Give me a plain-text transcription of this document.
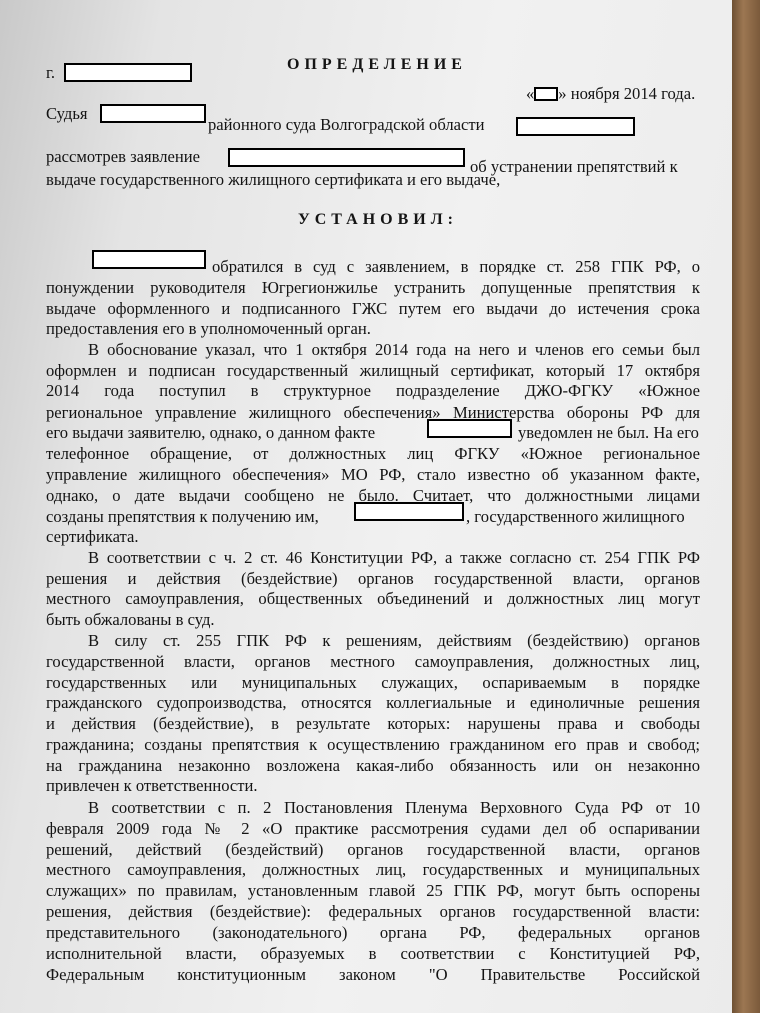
ОПРЕДЕЛЕНИЕ
г.
« » ноября 2014 года.
Судья
районного суда Волгоградской области
рассмотрев заявление
об устранении препятствий к
выдаче государственного жилищного сертификата и его выдаче,
УСТАНОВИЛ:
обратился в суд с заявлением, в порядке ст. 258 ГПК РФ, о
понуждении руководителя Югрегионжилье устранить допущенные препятствия к
выдаче оформленного и подписанного ГЖС путем его выдачи до истечения срока
предоставления его в уполномоченный орган.
В обоснование указал, что 1 октября 2014 года на него и членов его семьи был
оформлен и подписан государственный жилищный сертификат, который 17 октября
2014 года поступил в структурное подразделение ДЖО-ФГКУ «Южное
региональное управление жилищного обеспечения» Министерства обороны РФ для
его выдачи заявителю, однако, о данном факте	уведомлен не был. На его
телефонное обращение, от должностных лиц ФГКУ «Южное региональное
управление жилищного обеспечения» МО РФ, стало известно об указанном факте,
однако, о дате выдачи сообщено не было. Считает, что должностными лицами
созданы препятствия к получению им,	, государственного жилищного
сертификата.
В соответствии с ч. 2 ст. 46 Конституции РФ, а также согласно ст. 254 ГПК РФ
решения и действия (бездействие) органов государственной власти, органов
местного самоуправления, общественных объединений и должностных лиц могут
быть обжалованы в суд.
В силу ст. 255 ГПК РФ к решениям, действиям (бездействию) органов
государственной власти, органов местного самоуправления, должностных лиц,
государственных или муниципальных служащих, оспариваемым в порядке
гражданского судопроизводства, относятся коллегиальные и единоличные решения
и действия (бездействие), в результате которых: нарушены права и свободы
гражданина; созданы препятствия к осуществлению гражданином его прав и свобод;
на гражданина незаконно возложена какая-либо обязанность или он незаконно
привлечен к ответственности.
В соответствии с п. 2 Постановления Пленума Верховного Суда РФ от 10
февраля 2009 года № 2 «О практике рассмотрения судами дел об оспаривании
решений, действий (бездействий) органов государственной власти, органов
местного самоуправления, должностных лиц, государственных и муниципальных
служащих» по правилам, установленным главой 25 ГПК РФ, могут быть оспорены
решения, действия (бездействие): федеральных органов государственной власти:
представительного (законодательного) органа РФ, федеральных органов
исполнительной власти, образуемых в соответствии с Конституцией РФ,
Федеральным конституционным законом "О Правительстве Российской
